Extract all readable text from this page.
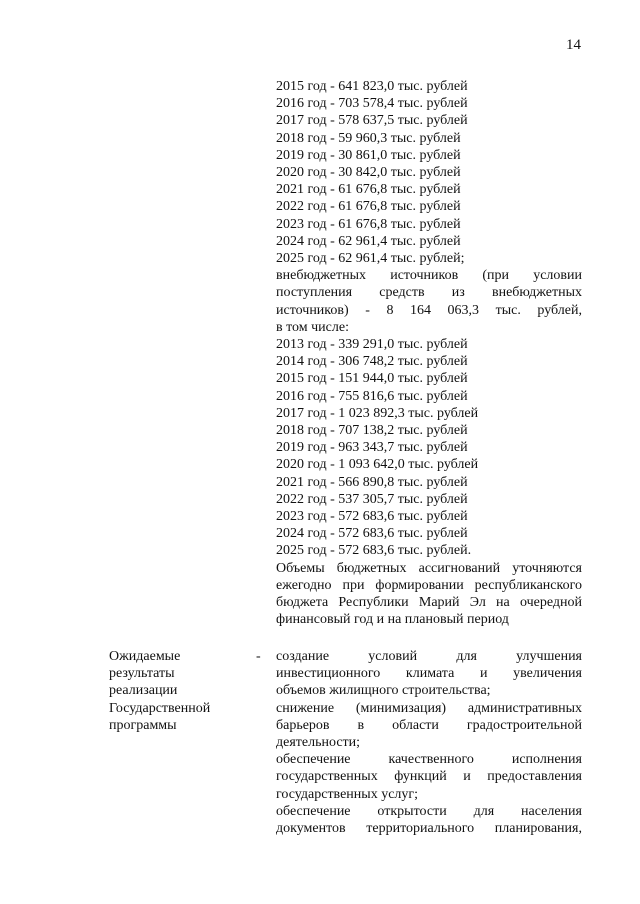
14
2015 год - 641 823,0 тыс. рублей
2016 год - 703 578,4 тыс. рублей
2017 год - 578 637,5 тыс. рублей
2018 год - 59 960,3 тыс. рублей
2019 год - 30 861,0 тыс. рублей
2020 год - 30 842,0 тыс. рублей
2021 год - 61 676,8 тыс. рублей
2022 год - 61 676,8 тыс. рублей
2023 год - 61 676,8 тыс. рублей
2024 год - 62 961,4 тыс. рублей
2025 год - 62 961,4 тыс. рублей;
внебюджетных источников (при условии
поступления средств из внебюджетных
источников) - 8 164 063,3 тыс. рублей,
в том числе:
2013 год - 339 291,0 тыс. рублей
2014 год - 306 748,2 тыс. рублей
2015 год - 151 944,0 тыс. рублей
2016 год - 755 816,6 тыс. рублей
2017 год - 1 023 892,3 тыс. рублей
2018 год - 707 138,2 тыс. рублей
2019 год - 963 343,7 тыс. рублей
2020 год - 1 093 642,0 тыс. рублей
2021 год - 566 890,8 тыс. рублей
2022 год - 537 305,7 тыс. рублей
2023 год - 572 683,6 тыс. рублей
2024 год - 572 683,6 тыс. рублей
2025 год - 572 683,6 тыс. рублей.
Объемы бюджетных ассигнований уточняются
ежегодно при формировании республиканского
бюджета Республики Марий Эл на очередной
финансовый год и на плановый период
Ожидаемые
результаты
реализации
Государственной
программы
- создание условий для улучшения
инвестиционного климата и увеличения
объемов жилищного строительства;
снижение (минимизация) административных
барьеров в области градостроительной
деятельности;
обеспечение качественного исполнения
государственных функций и предоставления
государственных услуг;
обеспечение открытости для населения
документов территориального планирования,
